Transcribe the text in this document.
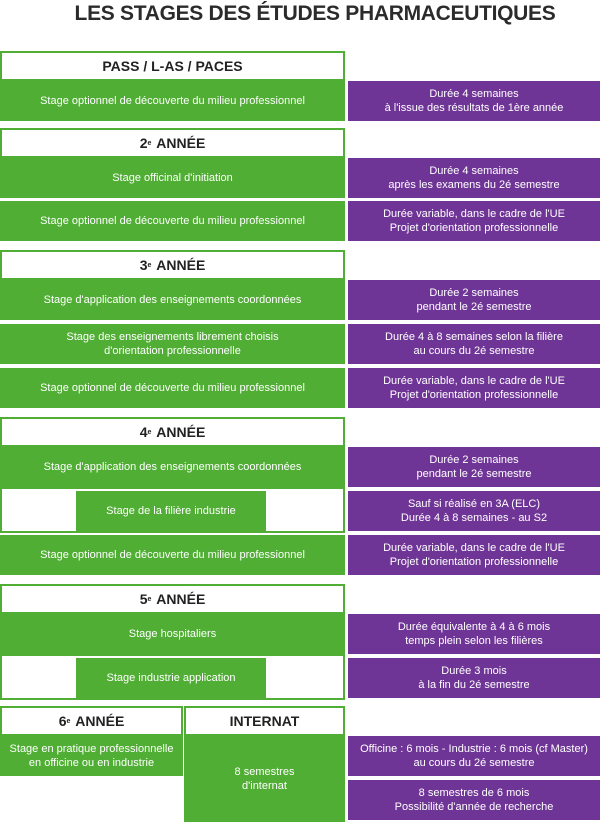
LES STAGES DES ÉTUDES PHARMACEUTIQUES
PASS / L-AS / PACES
Stage optionnel de découverte du milieu professionnel
Durée 4 semaines
à l'issue des résultats de 1ère année
2 e
ANNÉE
Stage officinal d'initiation
Durée 4 semaines
après les examens du 2é semestre
Stage optionnel de découverte du milieu professionnel
Durée variable, dans le cadre de l'UE
Projet d'orientation professionnelle
3 e
ANNÉE
Stage d'application des enseignements coordonnées
Durée 2 semaines
pendant le 2é semestre
Stage des enseignements librement choisis
d'orientation professionnelle
Durée 4 à 8 semaines selon la filière
au cours du 2é semestre
Stage optionnel de découverte du milieu professionnel
Durée variable, dans le cadre de l'UE
Projet d'orientation professionnelle
4 e
ANNÉE
Stage d'application des enseignements coordonnées
Durée 2 semaines
pendant le 2é semestre
Stage de la filière industrie
Sauf si réalisé en 3A (ELC)
Durée 4 à 8 semaines - au S2
Stage optionnel de découverte du milieu professionnel
Durée variable, dans le cadre de l'UE
Projet d'orientation professionnelle
5 e
ANNÉE
Stage hospitaliers
Durée équivalente à 4 à 6 mois
temps plein selon les filières
Stage industrie application
Durée 3 mois
à la fin du 2é semestre
6 e
ANNÉE	INTERNAT
Stage en pratique professionnelle
en officine ou en industrie
8 semestres
d'internat
Officine : 6 mois - Industrie : 6 mois (cf Master)
au cours du 2é semestre
8 semestres de 6 mois
Possibilité d'année de recherche
